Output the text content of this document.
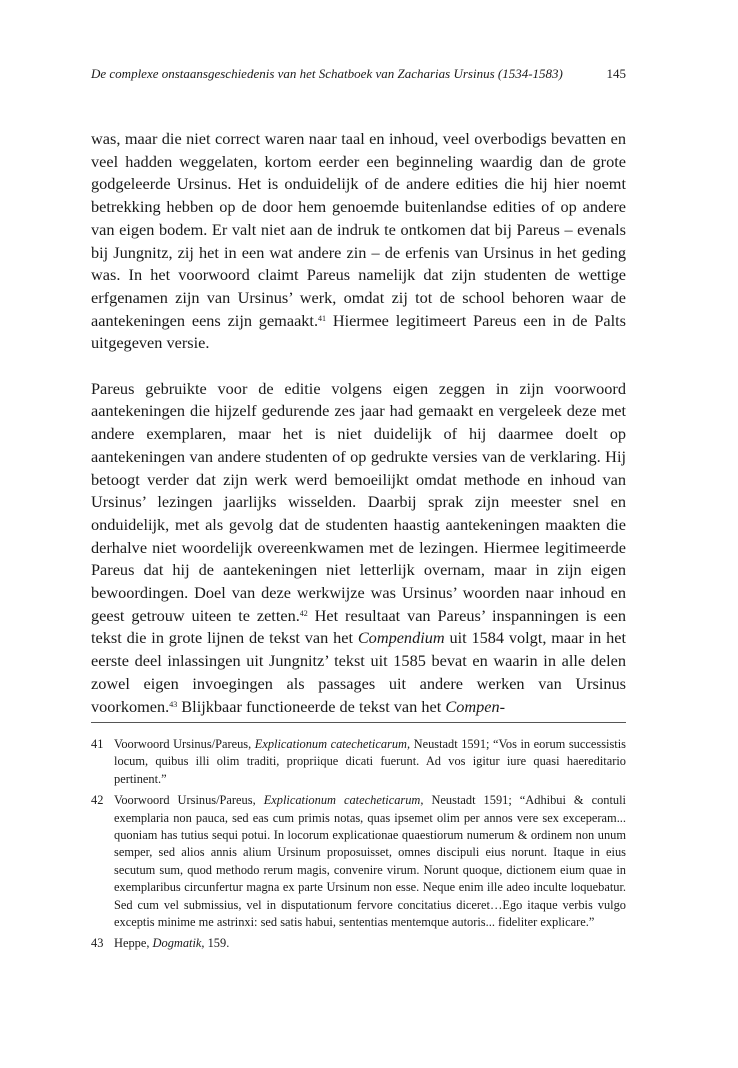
De complexe onstaansgeschiedenis van het Schatboek van Zacharias Ursinus (1534-1583)	145

was, maar die niet correct waren naar taal en inhoud, veel overbodigs bevatten en veel hadden weggelaten, kortom eerder een beginneling waardig dan de grote godgeleerde Ursinus. Het is onduidelijk of de andere edities die hij hier noemt betrekking hebben op de door hem genoemde buitenlandse edities of op andere van eigen bodem. Er valt niet aan de indruk te ontkomen dat bij Pareus – evenals bij Jungnitz, zij het in een wat andere zin – de erfenis van Ursinus in het geding was. In het voorwoord claimt Pareus namelijk dat zijn studenten de wettige erfgenamen zijn van Ursinus’ werk, omdat zij tot de school behoren waar de aantekeningen eens zijn gemaakt.$^{41}$ Hiermee legitimeert Pareus een in de Palts uitgegeven versie.

Pareus gebruikte voor de editie volgens eigen zeggen in zijn voorwoord aantekeningen die hijzelf gedurende zes jaar had gemaakt en vergeleek deze met andere exemplaren, maar het is niet duidelijk of hij daarmee doelt op aantekeningen van andere studenten of op gedrukte versies van de verklaring. Hij betoogt verder dat zijn werk werd bemoeilijkt omdat methode en inhoud van Ursinus’ lezingen jaarlijks wisselden. Daarbij sprak zijn meester snel en onduidelijk, met als gevolg dat de studenten haastig aantekeningen maakten die derhalve niet woordelijk overeenkwamen met de lezingen. Hiermee legitimeerde Pareus dat hij de aantekeningen niet letterlijk overnam, maar in zijn eigen bewoordingen. Doel van deze werkwijze was Ursinus’ woorden naar inhoud en geest getrouw uiteen te zetten.$^{42}$ Het resultaat van Pareus’ inspanningen is een tekst die in grote lijnen de tekst van het Compendium uit 1584 volgt, maar in het eerste deel inlassingen uit Jungnitz’ tekst uit 1585 bevat en waarin in alle delen zowel eigen invoegingen als passages uit andere werken van Ursinus voorkomen.$^{43}$ Blijkbaar functioneerde de tekst van het Compen-

41 Voorwoord Ursinus/Pareus, Explicationum catecheticarum, Neustadt 1591; “Vos in eorum successistis locum, quibus illi olim traditi, propriique dicati fuerunt. Ad vos igitur iure quasi haereditario pertinent.”
42 Voorwoord Ursinus/Pareus, Explicationum catecheticarum, Neustadt 1591; “Adhibui & contuli exemplaria non pauca, sed eas cum primis notas, quas ipsemet olim per annos vere sex exceperam... quoniam has tutius sequi potui. In locorum explicationae quaestiorum numerum & ordinem non unum semper, sed alios annis alium Ursinum proposuisset, omnes discipuli eius norunt. Itaque in eius secutum sum, quod methodo rerum magis, convenire virum. Norunt quoque, dictionem eium quae in exemplaribus circunfertur magna ex parte Ursinum non esse. Neque enim ille adeo inculte loquebatur. Sed cum vel submissius, vel in disputationum fervore concitatius diceret…Ego itaque verbis vulgo exceptis minime me astrinxi: sed satis habui, sententias mentemque autoris... fideliter explicare.”
43 Heppe, Dogmatik, 159.
